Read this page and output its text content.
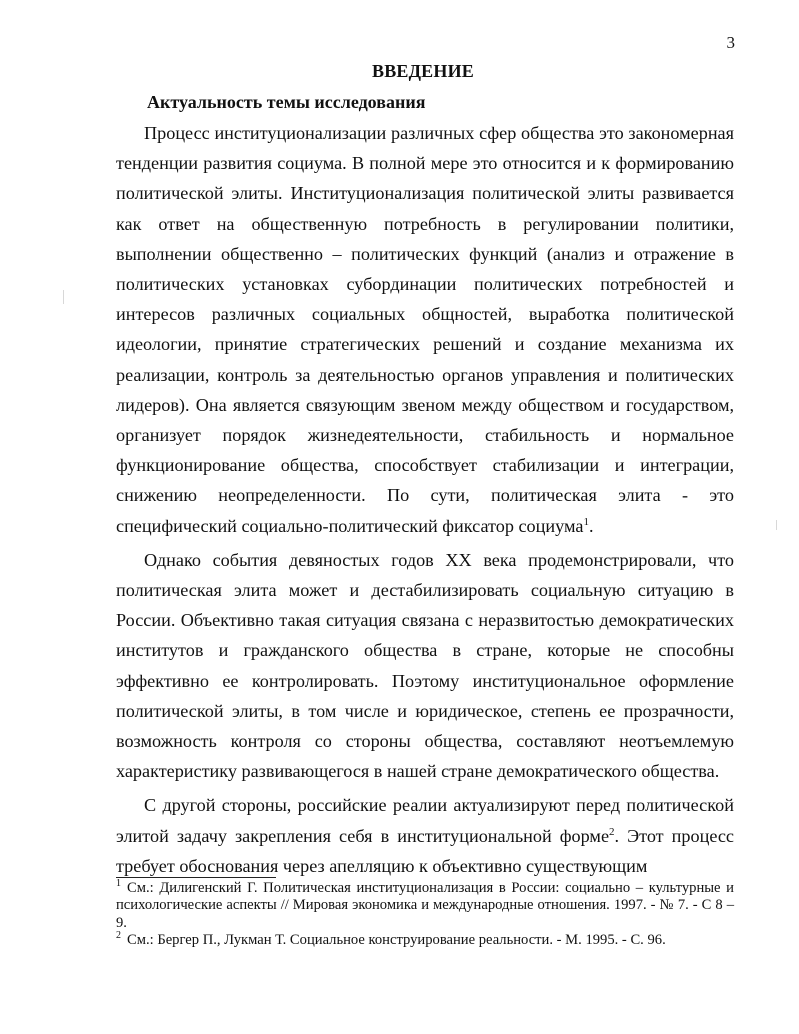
3
ВВЕДЕНИЕ
Актуальность темы исследования

Процесс институционализации различных сфер общества это закономерная тенденции развития социума. В полной мере это относится и к формированию политической элиты. Институционализация политической элиты развивается как ответ на общественную потребность в регулировании политики, выполнении общественно – политических функций (анализ и отражение в политических установках субординации политических потребностей и интересов различных социальных общностей, выработка политической идеологии, принятие стратегических решений и создание механизма их реализации, контроль за деятельностью органов управления и политических лидеров). Она является связующим звеном между обществом и государством, организует порядок жизнедеятельности, стабильность и нормальное функционирование общества, способствует стабилизации и интеграции, снижению неопределенности. По сути, политическая элита - это специфический социально-политический фиксатор социума$^1$.

Однако события девяностых годов XX века продемонстрировали, что политическая элита может и дестабилизировать социальную ситуацию в России. Объективно такая ситуация связана с неразвитостью демократических институтов и гражданского общества в стране, которые не способны эффективно ее контролировать. Поэтому институциональное оформление политической элиты, в том числе и юридическое, степень ее прозрачности, возможность контроля со стороны общества, составляют неотъемлемую характеристику развивающегося в нашей стране демократического общества.

С другой стороны, российские реалии актуализируют перед политической элитой задачу закрепления себя в институциональной форме$^2$. Этот процесс требует обоснования через апелляцию к объективно существующим

$^1$ См.: Дилигенский Г. Политическая институционализация в России: социально – культурные и психологические аспекты // Мировая экономика и международные отношения. 1997. - № 7. - С 8 – 9.

$^2$ См.: Бергер П., Лукман Т. Социальное конструирование реальности. - М. 1995. - С. 96.
